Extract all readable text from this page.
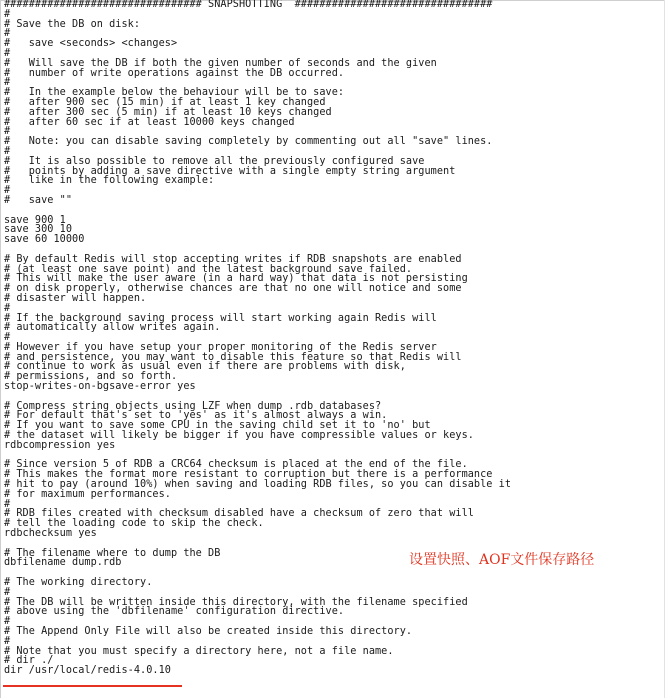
################################ SNAPSHOTTING  ################################
#
# Save the DB on disk:
#
#   save <seconds> <changes>
#
#   Will save the DB if both the given number of seconds and the given
#   number of write operations against the DB occurred.
#
#   In the example below the behaviour will be to save:
#   after 900 sec (15 min) if at least 1 key changed
#   after 300 sec (5 min) if at least 10 keys changed
#   after 60 sec if at least 10000 keys changed
#
#   Note: you can disable saving completely by commenting out all "save" lines.
#
#   It is also possible to remove all the previously configured save
#   points by adding a save directive with a single empty string argument
#   like in the following example:
#
#   save ""
save 900 1
save 300 10
save 60 10000
# By default Redis will stop accepting writes if RDB snapshots are enabled
# (at least one save point) and the latest background save failed.
# This will make the user aware (in a hard way) that data is not persisting
# on disk properly, otherwise chances are that no one will notice and some
# disaster will happen.
#
# If the background saving process will start working again Redis will
# automatically allow writes again.
#
# However if you have setup your proper monitoring of the Redis server
# and persistence, you may want to disable this feature so that Redis will
# continue to work as usual even if there are problems with disk,
# permissions, and so forth.
stop-writes-on-bgsave-error yes
# Compress string objects using LZF when dump .rdb databases?
# For default that's set to 'yes' as it's almost always a win.
# If you want to save some CPU in the saving child set it to 'no' but
# the dataset will likely be bigger if you have compressible values or keys.
rdbcompression yes
# Since version 5 of RDB a CRC64 checksum is placed at the end of the file.
# This makes the format more resistant to corruption but there is a performance
# hit to pay (around 10%) when saving and loading RDB files, so you can disable it
# for maximum performances.
#
# RDB files created with checksum disabled have a checksum of zero that will
# tell the loading code to skip the check.
rdbchecksum yes
# The filename where to dump the DB
dbfilename dump.rdb
# The working directory.
#
# The DB will be written inside this directory, with the filename specified
# above using the 'dbfilename' configuration directive.
#
# The Append Only File will also be created inside this directory.
#
# Note that you must specify a directory here, not a file name.
# dir ./
dir /usr/local/redis-4.0.10
设置快照、AOF文件保存路径
